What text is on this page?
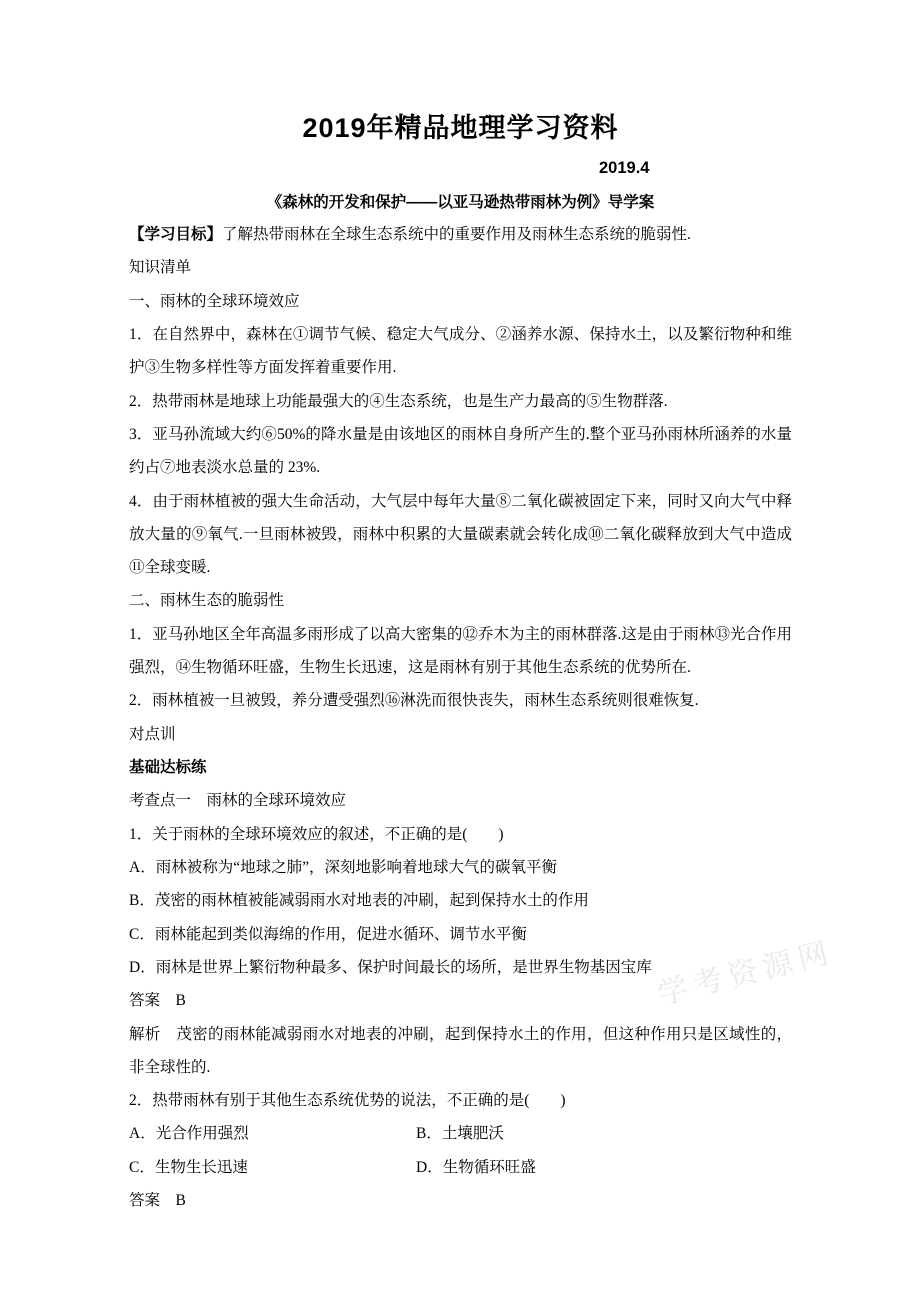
2019年精品地理学习资料
2019.4
《森林的开发和保护——以亚马逊热带雨林为例》导学案
【学习目标】了解热带雨林在全球生态系统中的重要作用及雨林生态系统的脆弱性.
知识清单
一、雨林的全球环境效应
1．在自然界中，森林在①调节气候、稳定大气成分、②涵养水源、保持水土，以及繁衍物种和维护③生物多样性等方面发挥着重要作用.
2．热带雨林是地球上功能最强大的④生态系统，也是生产力最高的⑤生物群落.
3．亚马孙流域大约⑥50%的降水量是由该地区的雨林自身所产生的.整个亚马孙雨林所涵养的水量约占⑦地表淡水总量的 23%.
4．由于雨林植被的强大生命活动，大气层中每年大量⑧二氧化碳被固定下来，同时又向大气中释放大量的⑨氧气.一旦雨林被毁，雨林中积累的大量碳素就会转化成⑩二氧化碳释放到大气中造成⑪全球变暖.
二、雨林生态的脆弱性
1．亚马孙地区全年高温多雨形成了以高大密集的⑫乔木为主的雨林群落.这是由于雨林⑬光合作用强烈，⑭生物循环旺盛，生物生长迅速，这是雨林有别于其他生态系统的优势所在.
2．雨林植被一旦被毁，养分遭受强烈⑯淋洗而很快丧失，雨林生态系统则很难恢复.
对点训
基础达标练
考查点一　雨林的全球环境效应
1．关于雨林的全球环境效应的叙述，不正确的是(　　)
A．雨林被称为“地球之肺”，深刻地影响着地球大气的碳氧平衡
B．茂密的雨林植被能减弱雨水对地表的冲刷，起到保持水土的作用
C．雨林能起到类似海绵的作用，促进水循环、调节水平衡
D．雨林是世界上繁衍物种最多、保护时间最长的场所，是世界生物基因宝库
答案　B
解析　茂密的雨林能减弱雨水对地表的冲刷，起到保持水土的作用，但这种作用只是区域性的，非全球性的.
2．热带雨林有别于其他生态系统优势的说法，不正确的是(　　)
A．光合作用强烈	B．土壤肥沃
C．生物生长迅速	D．生物循环旺盛
答案　B
学考资源网
